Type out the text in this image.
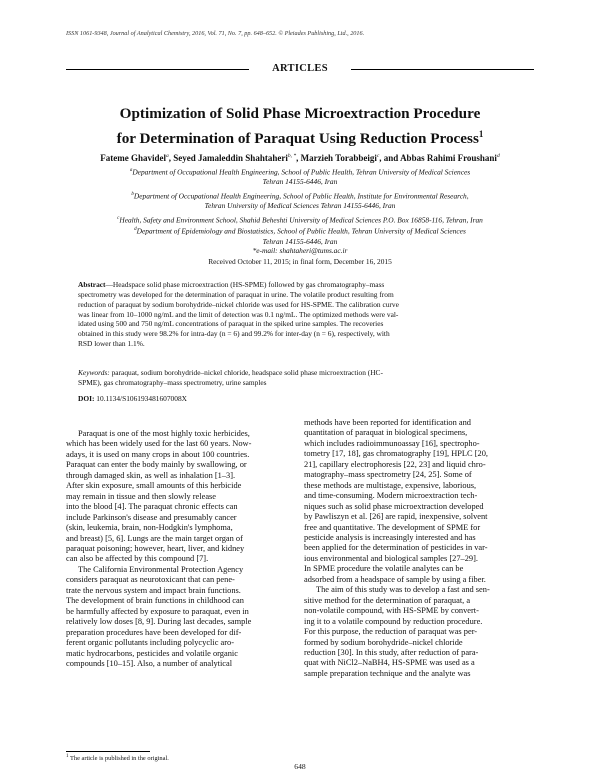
ISSN 1061-9348, Journal of Analytical Chemistry, 2016, Vol. 71, No. 7, pp. 648–652. © Pleiades Publishing, Ltd., 2016.
ARTICLES
Optimization of Solid Phase Microextraction Procedure
for Determination of Paraquat Using Reduction Process$^1$
Fateme Ghavidel$^a$, Seyed Jamaleddin Shahtaheri$^{b, *}$, Marzieh Torabbeigi$^c$, and Abbas Rahimi Froushani$^d$
$^a$Department of Occupational Health Engineering, School of Public Health, Tehran University of Medical Sciences
Tehran 14155-6446, Iran
$^b$Department of Occupational Health Engineering, School of Public Health, Institute for Environmental Research,
Tehran University of Medical Sciences Tehran 14155-6446, Iran
$^c$Health, Safety and Environment School, Shahid Beheshti University of Medical Sciences P.O. Box 16858-116, Tehran, Iran
$^d$Department of Epidemiology and Biostatistics, School of Public Health, Tehran University of Medical Sciences
Tehran 14155-6446, Iran
*e-mail: shahtaheri@tums.ac.ir
Received October 11, 2015; in final form, December 16, 2015
Abstract—Headspace solid phase microextraction (HS-SPME) followed by gas chromatography–mass
spectrometry was developed for the determination of paraquat in urine. The volatile product resulting from
reduction of paraquat by sodium borohydride–nickel chloride was used for HS-SPME. The calibration curve
was linear from 10–1000 ng/mL and the limit of detection was 0.1 ng/mL. The optimized methods were val-
idated using 500 and 750 ng/mL concentrations of paraquat in the spiked urine samples. The recoveries
obtained in this study were 98.2% for intra-day (n = 6) and 99.2% for inter-day (n = 6), respectively, with
RSD lower than 1.1%.
Keywords: paraquat, sodium borohydride–nickel chloride, headspace solid phase microextraction (HC-
SPME), gas chromatography–mass spectrometry, urine samples
DOI: 10.1134/S106193481607008X
Paraquat is one of the most highly toxic herbicides,
which has been widely used for the last 60 years. Now-
adays, it is used on many crops in about 100 countries.
Paraquat can enter the body mainly by swallowing, or
through damaged skin, as well as inhalation [1–3].
After skin exposure, small amounts of this herbicide
may remain in tissue and then slowly release
into the blood [4]. The paraquat chronic effects can
include Parkinson's disease and presumably cancer
(skin, leukemia, brain, non-Hodgkin's lymphoma,
and breast) [5, 6]. Lungs are the main target organ of
paraquat poisoning; however, heart, liver, and kidney
can also be affected by this compound [7].
The California Environmental Protection Agency
considers paraquat as neurotoxicant that can pene-
trate the nervous system and impact brain functions.
The development of brain functions in childhood can
be harmfully affected by exposure to paraquat, even in
relatively low doses [8, 9]. During last decades, sample
preparation procedures have been developed for dif-
ferent organic pollutants including polycyclic aro-
matic hydrocarbons, pesticides and volatile organic
compounds [10–15]. Also, a number of analytical
methods have been reported for identification and
quantitation of paraquat in biological specimens,
which includes radioimmunoassay [16], spectropho-
tometry [17, 18], gas chromatography [19], HPLC [20,
21], capillary electrophoresis [22, 23] and liquid chro-
matography–mass spectrometry [24, 25]. Some of
these methods are multistage, expensive, laborious,
and time-consuming. Modern microextraction tech-
niques such as solid phase microextraction developed
by Pawliszyn et al. [26] are rapid, inexpensive, solvent
free and quantitative. The development of SPME for
pesticide analysis is increasingly interested and has
been applied for the determination of pesticides in var-
ious environmental and biological samples [27–29].
In SPME procedure the volatile analytes can be
adsorbed from a headspace of sample by using a fiber.
The aim of this study was to develop a fast and sen-
sitive method for the determination of paraquat, a
non-volatile compound, with HS-SPME by convert-
ing it to a volatile compound by reduction procedure.
For this purpose, the reduction of paraquat was per-
formed by sodium borohydride–nickel chloride
reduction [30]. In this study, after reduction of para-
quat with NiCl2–NaBH4, HS-SPME was used as a
sample preparation technique and the analyte was
$^1$ The article is published in the original.
648
